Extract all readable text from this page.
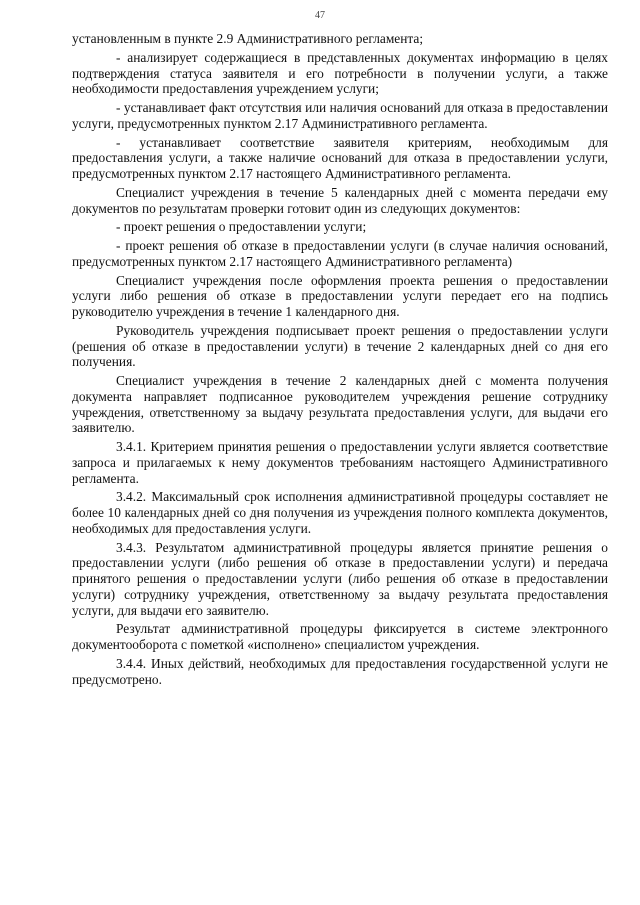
47

установленным в пункте 2.9 Административного регламента;

- анализирует содержащиеся в представленных документах информацию в целях подтверждения статуса заявителя и его потребности в получении услуги, а также необходимости предоставления учреждением услуги;

- устанавливает факт отсутствия или наличия оснований для отказа в предоставлении услуги, предусмотренных пунктом 2.17 Административного регламента.

- устанавливает соответствие заявителя критериям, необходимым для предоставления услуги, а также наличие оснований для отказа в предоставлении услуги, предусмотренных пунктом 2.17 настоящего Административного регламента.

Специалист учреждения в течение 5 календарных дней с момента передачи ему документов по результатам проверки готовит один из следующих документов:

- проект решения о предоставлении услуги;

- проект решения об отказе в предоставлении услуги (в случае наличия оснований, предусмотренных пунктом 2.17 настоящего Административного регламента)

Специалист учреждения после оформления проекта решения о предоставлении услуги либо решения об отказе в предоставлении услуги передает его на подпись руководителю учреждения в течение 1 календарного дня.

Руководитель учреждения подписывает проект решения о предоставлении услуги (решения об отказе в предоставлении услуги) в течение 2 календарных дней со дня его получения.

Специалист учреждения в течение 2 календарных дней с момента получения документа направляет подписанное руководителем учреждения решение сотруднику учреждения, ответственному за выдачу результата предоставления услуги, для выдачи его заявителю.

3.4.1. Критерием принятия решения о предоставлении услуги является соответствие запроса и прилагаемых к нему документов требованиям настоящего Административного регламента.

3.4.2. Максимальный срок исполнения административной процедуры составляет не более 10 календарных дней со дня получения из учреждения полного комплекта документов, необходимых для предоставления услуги.

3.4.3. Результатом административной процедуры является принятие решения о предоставлении услуги (либо решения об отказе в предоставлении услуги) и передача принятого решения о предоставлении услуги (либо решения об отказе в предоставлении услуги) сотруднику учреждения, ответственному за выдачу результата предоставления услуги, для выдачи его заявителю.

Результат административной процедуры фиксируется в системе электронного документооборота с пометкой «исполнено» специалистом учреждения.

3.4.4. Иных действий, необходимых для предоставления государственной услуги не предусмотрено.
